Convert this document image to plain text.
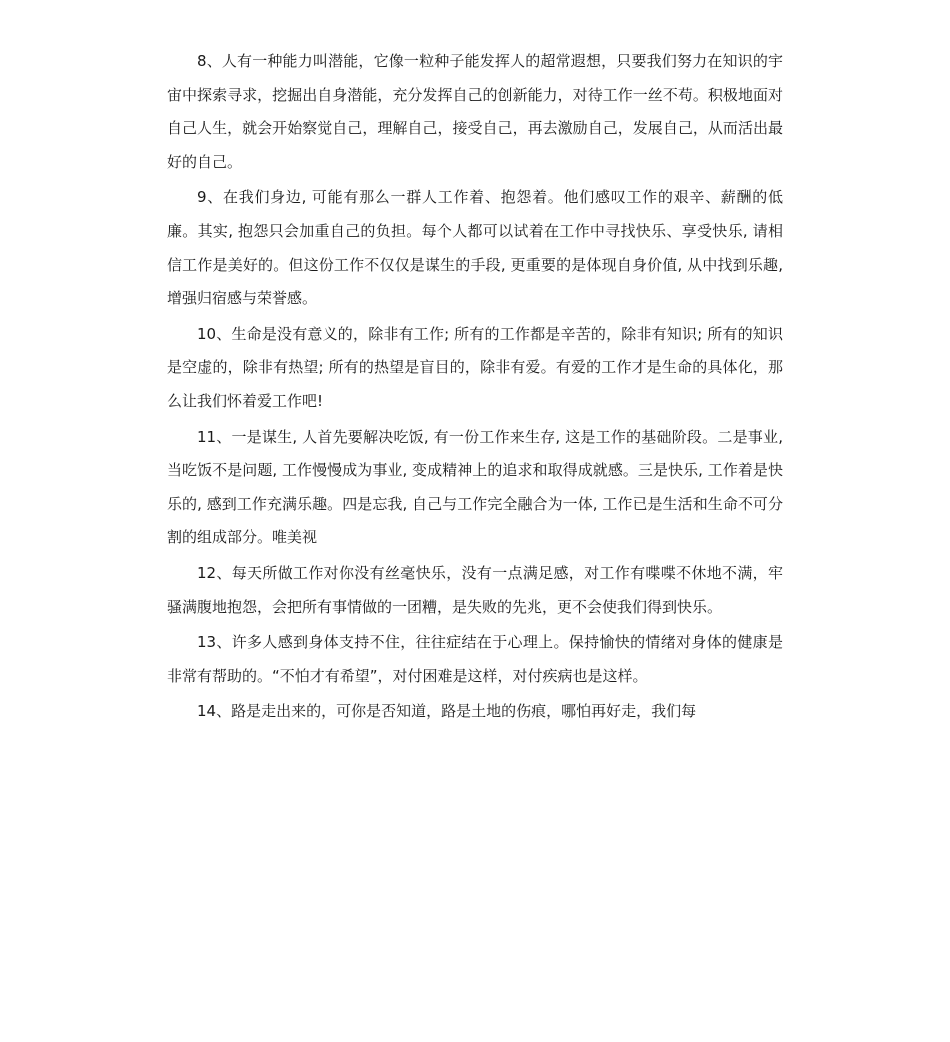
8、人有一种能力叫潜能，它像一粒种子能发挥人的超常遐想，只要我们努力在知识的宇宙中探索寻求，挖掘出自身潜能，充分发挥自己的创新能力，对待工作一丝不苟。积极地面对自己人生，就会开始察觉自己，理解自己，接受自己，再去激励自己，发展自己，从而活出最好的自己。

9、在我们身边, 可能有那么一群人工作着、抱怨着。他们感叹工作的艰辛、薪酬的低廉。其实, 抱怨只会加重自己的负担。每个人都可以试着在工作中寻找快乐、享受快乐, 请相信工作是美好的。但这份工作不仅仅是谋生的手段, 更重要的是体现自身价值, 从中找到乐趣, 增强归宿感与荣誉感。

10、生命是没有意义的，除非有工作; 所有的工作都是辛苦的，除非有知识; 所有的知识是空虚的，除非有热望; 所有的热望是盲目的，除非有爱。有爱的工作才是生命的具体化，那么让我们怀着爱工作吧!

11、一是谋生, 人首先要解决吃饭, 有一份工作来生存, 这是工作的基础阶段。二是事业, 当吃饭不是问题, 工作慢慢成为事业, 变成精神上的追求和取得成就感。三是快乐, 工作着是快乐的, 感到工作充满乐趣。四是忘我, 自己与工作完全融合为一体, 工作已是生活和生命不可分割的组成部分。唯美视

12、每天所做工作对你没有丝毫快乐，没有一点满足感，对工作有喋喋不休地不满，牢骚满腹地抱怨，会把所有事情做的一团糟，是失败的先兆，更不会使我们得到快乐。

13、许多人感到身体支持不住，往往症结在于心理上。保持愉快的情绪对身体的健康是非常有帮助的。“不怕才有希望”，对付困难是这样，对付疾病也是这样。

14、路是走出来的，可你是否知道，路是土地的伤痕，哪怕再好走，我们每
